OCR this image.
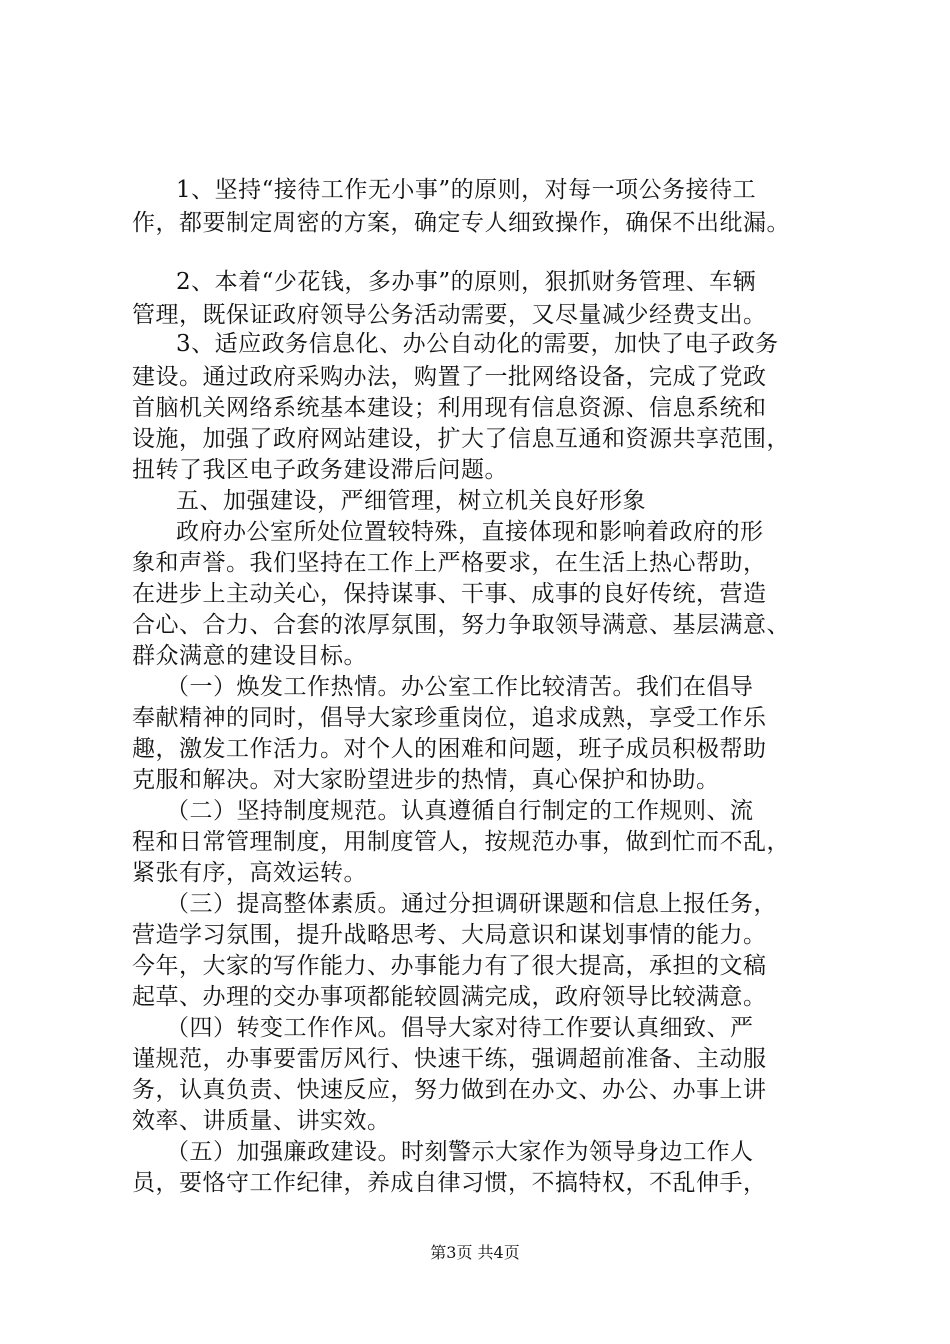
1、坚持“接待工作无小事”的原则，对每一项公务接待工

作，都要制定周密的方案，确定专人细致操作，确保不出纰漏。

2、本着“少花钱，多办事”的原则，狠抓财务管理、车辆

管理，既保证政府领导公务活动需要，又尽量减少经费支出。

3、适应政务信息化、办公自动化的需要，加快了电子政务

建设。通过政府采购办法，购置了一批网络设备，完成了党政

首脑机关网络系统基本建设；利用现有信息资源、信息系统和

设施，加强了政府网站建设，扩大了信息互通和资源共享范围，

扭转了我区电子政务建设滞后问题。

五、加强建设，严细管理，树立机关良好形象

政府办公室所处位置较特殊，直接体现和影响着政府的形

象和声誉。我们坚持在工作上严格要求，在生活上热心帮助，

在进步上主动关心，保持谋事、干事、成事的良好传统，营造

合心、合力、合套的浓厚氛围，努力争取领导满意、基层满意、

群众满意的建设目标。

（一）焕发工作热情。办公室工作比较清苦。我们在倡导

奉献精神的同时，倡导大家珍重岗位，追求成熟，享受工作乐

趣，激发工作活力。对个人的困难和问题，班子成员积极帮助

克服和解决。对大家盼望进步的热情，真心保护和协助。

（二）坚持制度规范。认真遵循自行制定的工作规则、流

程和日常管理制度，用制度管人，按规范办事，做到忙而不乱，

紧张有序，高效运转。

（三）提高整体素质。通过分担调研课题和信息上报任务，

营造学习氛围，提升战略思考、大局意识和谋划事情的能力。

今年，大家的写作能力、办事能力有了很大提高，承担的文稿

起草、办理的交办事项都能较圆满完成，政府领导比较满意。

（四）转变工作作风。倡导大家对待工作要认真细致、严

谨规范，办事要雷厉风行、快速干练，强调超前准备、主动服

务，认真负责、快速反应，努力做到在办文、办公、办事上讲

效率、讲质量、讲实效。

（五）加强廉政建设。时刻警示大家作为领导身边工作人

员，要恪守工作纪律，养成自律习惯，不搞特权，不乱伸手，

第3页 共4页
